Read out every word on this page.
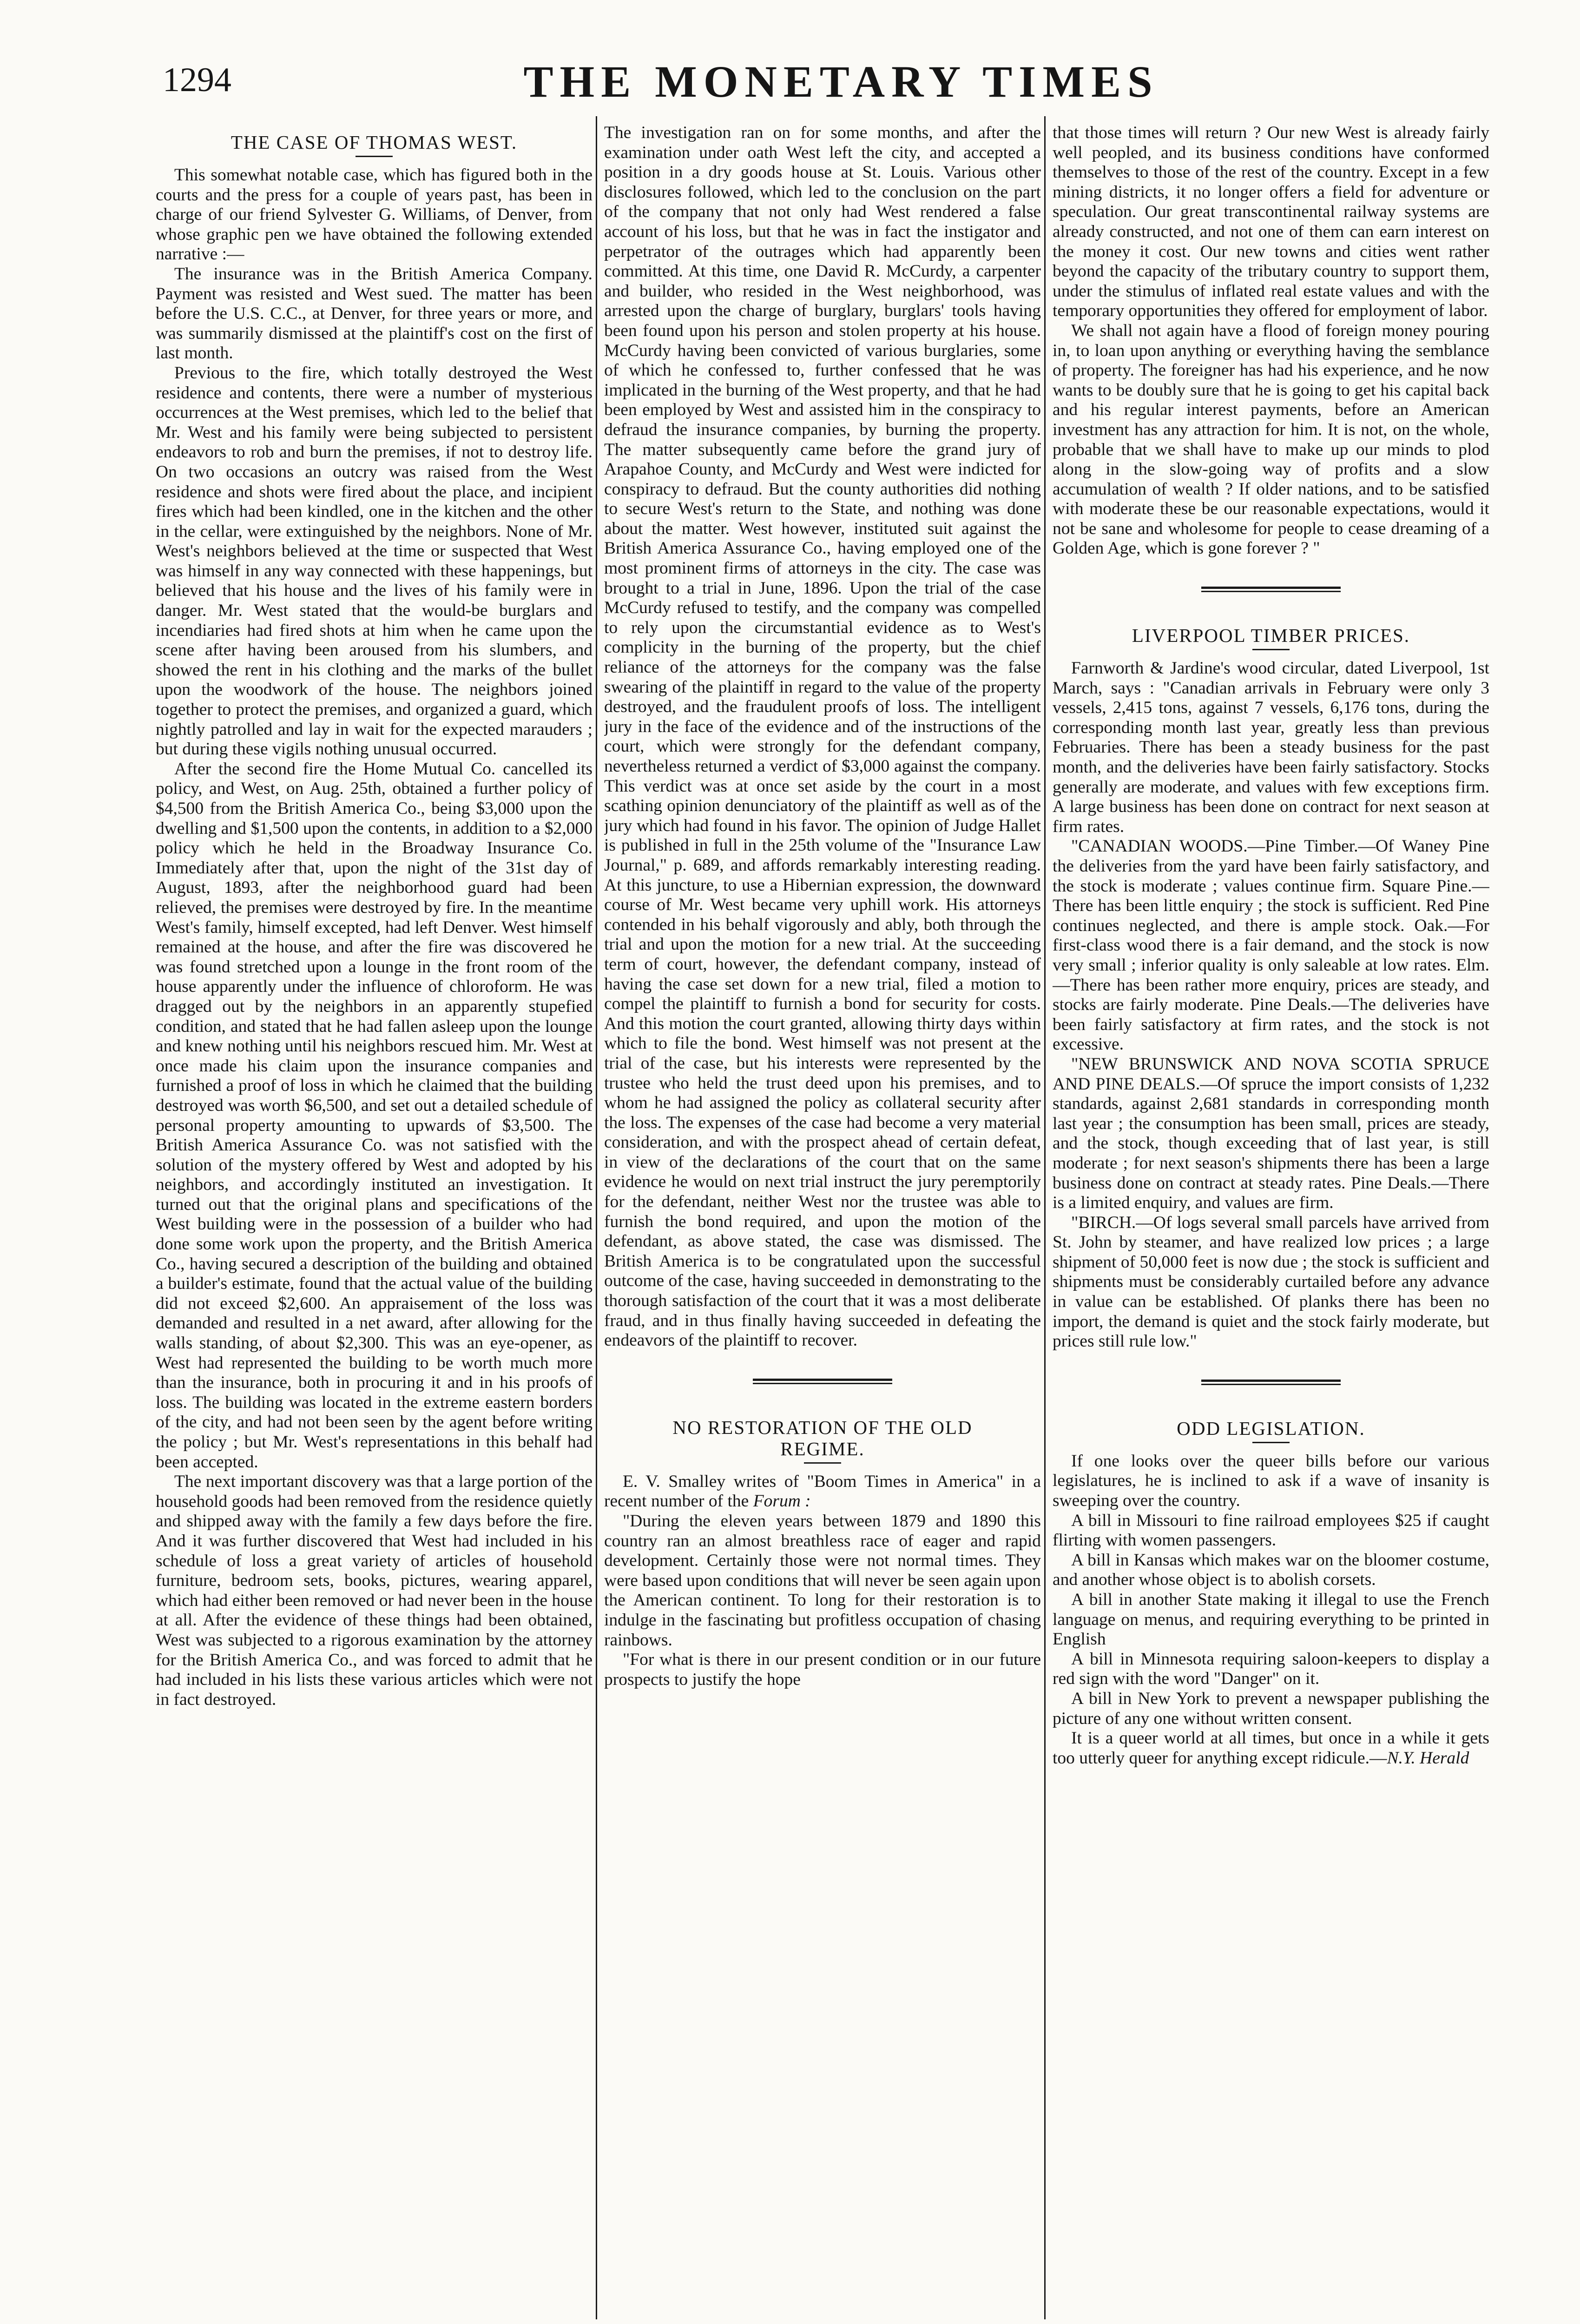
1294	THE MONETARY TIMES
THE CASE OF THOMAS WEST.

This somewhat notable case, which has figured both in the courts and the press for a couple of years past, has been in charge of our friend Sylvester G. Williams, of Denver, from whose graphic pen we have obtained the following extended narrative :—

The insurance was in the British America Company. Payment was resisted and West sued. The matter has been before the U.S. C.C., at Denver, for three years or more, and was summarily dismissed at the plaintiff's cost on the first of last month.

Previous to the fire, which totally destroyed the West residence and contents, there were a number of mysterious occurrences at the West premises, which led to the belief that Mr. West and his family were being subjected to persistent endeavors to rob and burn the premises, if not to destroy life. On two occasions an outcry was raised from the West residence and shots were fired about the place, and incipient fires which had been kindled, one in the kitchen and the other in the cellar, were extinguished by the neighbors. None of Mr. West's neighbors believed at the time or suspected that West was himself in any way connected with these happenings, but believed that his house and the lives of his family were in danger. Mr. West stated that the would-be burglars and incendiaries had fired shots at him when he came upon the scene after having been aroused from his slumbers, and showed the rent in his clothing and the marks of the bullet upon the woodwork of the house. The neighbors joined together to protect the premises, and organized a guard, which nightly patrolled and lay in wait for the expected marauders ; but during these vigils nothing unusual occurred.

After the second fire the Home Mutual Co. cancelled its policy, and West, on Aug. 25th, obtained a further policy of $4,500 from the British America Co., being $3,000 upon the dwelling and $1,500 upon the contents, in addition to a $2,000 policy which he held in the Broadway Insurance Co. Immediately after that, upon the night of the 31st day of August, 1893, after the neighborhood guard had been relieved, the premises were destroyed by fire. In the meantime West's family, himself excepted, had left Denver. West himself remained at the house, and after the fire was discovered he was found stretched upon a lounge in the front room of the house apparently under the influence of chloroform. He was dragged out by the neighbors in an apparently stupefied condition, and stated that he had fallen asleep upon the lounge and knew nothing until his neighbors rescued him. Mr. West at once made his claim upon the insurance companies and furnished a proof of loss in which he claimed that the building destroyed was worth $6,500, and set out a detailed schedule of personal property amounting to upwards of $3,500. The British America Assurance Co. was not satisfied with the solution of the mystery offered by West and adopted by his neighbors, and accordingly instituted an investigation. It turned out that the original plans and specifications of the West building were in the possession of a builder who had done some work upon the property, and the British America Co., having secured a description of the building and obtained a builder's estimate, found that the actual value of the building did not exceed $2,600. An appraisement of the loss was demanded and resulted in a net award, after allowing for the walls standing, of about $2,300. This was an eye-opener, as West had represented the building to be worth much more than the insurance, both in procuring it and in his proofs of loss. The building was located in the extreme eastern borders of the city, and had not been seen by the agent before writing the policy ; but Mr. West's representations in this behalf had been accepted.

The next important discovery was that a large portion of the household goods had been removed from the residence quietly and shipped away with the family a few days before the fire. And it was further discovered that West had included in his schedule of loss a great variety of articles of household furniture, bedroom sets, books, pictures, wearing apparel, which had either been removed or had never been in the house at all. After the evidence of these things had been obtained, West was subjected to a rigorous examination by the attorney for the British America Co., and was forced to admit that he had included in his lists these various articles which were not in fact destroyed.

The investigation ran on for some months, and after the examination under oath West left the city, and accepted a position in a dry goods house at St. Louis. Various other disclosures followed, which led to the conclusion on the part of the company that not only had West rendered a false account of his loss, but that he was in fact the instigator and perpetrator of the outrages which had apparently been committed. At this time, one David R. McCurdy, a carpenter and builder, who resided in the West neighborhood, was arrested upon the charge of burglary, burglars' tools having been found upon his person and stolen property at his house. McCurdy having been convicted of various burglaries, some of which he confessed to, further confessed that he was implicated in the burning of the West property, and that he had been employed by West and assisted him in the conspiracy to defraud the insurance companies, by burning the property. The matter subsequently came before the grand jury of Arapahoe County, and McCurdy and West were indicted for conspiracy to defraud. But the county authorities did nothing to secure West's return to the State, and nothing was done about the matter. West however, instituted suit against the British America Assurance Co., having employed one of the most prominent firms of attorneys in the city. The case was brought to a trial in June, 1896. Upon the trial of the case McCurdy refused to testify, and the company was compelled to rely upon the circumstantial evidence as to West's complicity in the burning of the property, but the chief reliance of the attorneys for the company was the false swearing of the plaintiff in regard to the value of the property destroyed, and the fraudulent proofs of loss. The intelligent jury in the face of the evidence and of the instructions of the court, which were strongly for the defendant company, nevertheless returned a verdict of $3,000 against the company. This verdict was at once set aside by the court in a most scathing opinion denunciatory of the plaintiff as well as of the jury which had found in his favor. The opinion of Judge Hallet is published in full in the 25th volume of the "Insurance Law Journal," p. 689, and affords remarkably interesting reading. At this juncture, to use a Hibernian expression, the downward course of Mr. West became very uphill work. His attorneys contended in his behalf vigorously and ably, both through the trial and upon the motion for a new trial. At the succeeding term of court, however, the defendant company, instead of having the case set down for a new trial, filed a motion to compel the plaintiff to furnish a bond for security for costs. And this motion the court granted, allowing thirty days within which to file the bond. West himself was not present at the trial of the case, but his interests were represented by the trustee who held the trust deed upon his premises, and to whom he had assigned the policy as collateral security after the loss. The expenses of the case had become a very material consideration, and with the prospect ahead of certain defeat, in view of the declarations of the court that on the same evidence he would on next trial instruct the jury peremptorily for the defendant, neither West nor the trustee was able to furnish the bond required, and upon the motion of the defendant, as above stated, the case was dismissed. The British America is to be congratulated upon the successful outcome of the case, having succeeded in demonstrating to the thorough satisfaction of the court that it was a most deliberate fraud, and in thus finally having succeeded in defeating the endeavors of the plaintiff to recover.

NO RESTORATION OF THE OLD
REGIME.

E. V. Smalley writes of "Boom Times in America" in a recent number of the Forum :

"During the eleven years between 1879 and 1890 this country ran an almost breathless race of eager and rapid development. Certainly those were not normal times. They were based upon conditions that will never be seen again upon the American continent. To long for their restoration is to indulge in the fascinating but profitless occupation of chasing rainbows.

"For what is there in our present condition or in our future prospects to justify the hope

that those times will return ? Our new West is already fairly well peopled, and its business conditions have conformed themselves to those of the rest of the country. Except in a few mining districts, it no longer offers a field for adventure or speculation. Our great transcontinental railway systems are already constructed, and not one of them can earn interest on the money it cost. Our new towns and cities went rather beyond the capacity of the tributary country to support them, under the stimulus of inflated real estate values and with the temporary opportunities they offered for employment of labor.

We shall not again have a flood of foreign money pouring in, to loan upon anything or everything having the semblance of property. The foreigner has had his experience, and he now wants to be doubly sure that he is going to get his capital back and his regular interest payments, before an American investment has any attraction for him. It is not, on the whole, probable that we shall have to make up our minds to plod along in the slow-going way of profits and a slow accumulation of wealth ? If older nations, and to be satisfied with moderate these be our reasonable expectations, would it not be sane and wholesome for people to cease dreaming of a Golden Age, which is gone forever ? "

LIVERPOOL TIMBER PRICES.

Farnworth & Jardine's wood circular, dated Liverpool, 1st March, says : "Canadian arrivals in February were only 3 vessels, 2,415 tons, against 7 vessels, 6,176 tons, during the corresponding month last year, greatly less than previous Februaries. There has been a steady business for the past month, and the deliveries have been fairly satisfactory. Stocks generally are moderate, and values with few exceptions firm. A large business has been done on contract for next season at firm rates.

"CANADIAN WOODS.—Pine Timber.—Of Waney Pine the deliveries from the yard have been fairly satisfactory, and the stock is moderate ; values continue firm. Square Pine.—There has been little enquiry ; the stock is sufficient. Red Pine continues neglected, and there is ample stock. Oak.—For first-class wood there is a fair demand, and the stock is now very small ; inferior quality is only saleable at low rates. Elm.—There has been rather more enquiry, prices are steady, and stocks are fairly moderate. Pine Deals.—The deliveries have been fairly satisfactory at firm rates, and the stock is not excessive.

"NEW BRUNSWICK AND NOVA SCOTIA SPRUCE AND PINE DEALS.—Of spruce the import consists of 1,232 standards, against 2,681 standards in corresponding month last year ; the consumption has been small, prices are steady, and the stock, though exceeding that of last year, is still moderate ; for next season's shipments there has been a large business done on contract at steady rates. Pine Deals.—There is a limited enquiry, and values are firm.

"BIRCH.—Of logs several small parcels have arrived from St. John by steamer, and have realized low prices ; a large shipment of 50,000 feet is now due ; the stock is sufficient and shipments must be considerably curtailed before any advance in value can be established. Of planks there has been no import, the demand is quiet and the stock fairly moderate, but prices still rule low."

ODD LEGISLATION.

If one looks over the queer bills before our various legislatures, he is inclined to ask if a wave of insanity is sweeping over the country.

A bill in Missouri to fine railroad employees $25 if caught flirting with women passengers.

A bill in Kansas which makes war on the bloomer costume, and another whose object is to abolish corsets.

A bill in another State making it illegal to use the French language on menus, and requiring everything to be printed in English

A bill in Minnesota requiring saloon-keepers to display a red sign with the word "Danger" on it.

A bill in New York to prevent a newspaper publishing the picture of any one without written consent.

It is a queer world at all times, but once in a while it gets too utterly queer for anything except ridicule.—N.Y. Herald
